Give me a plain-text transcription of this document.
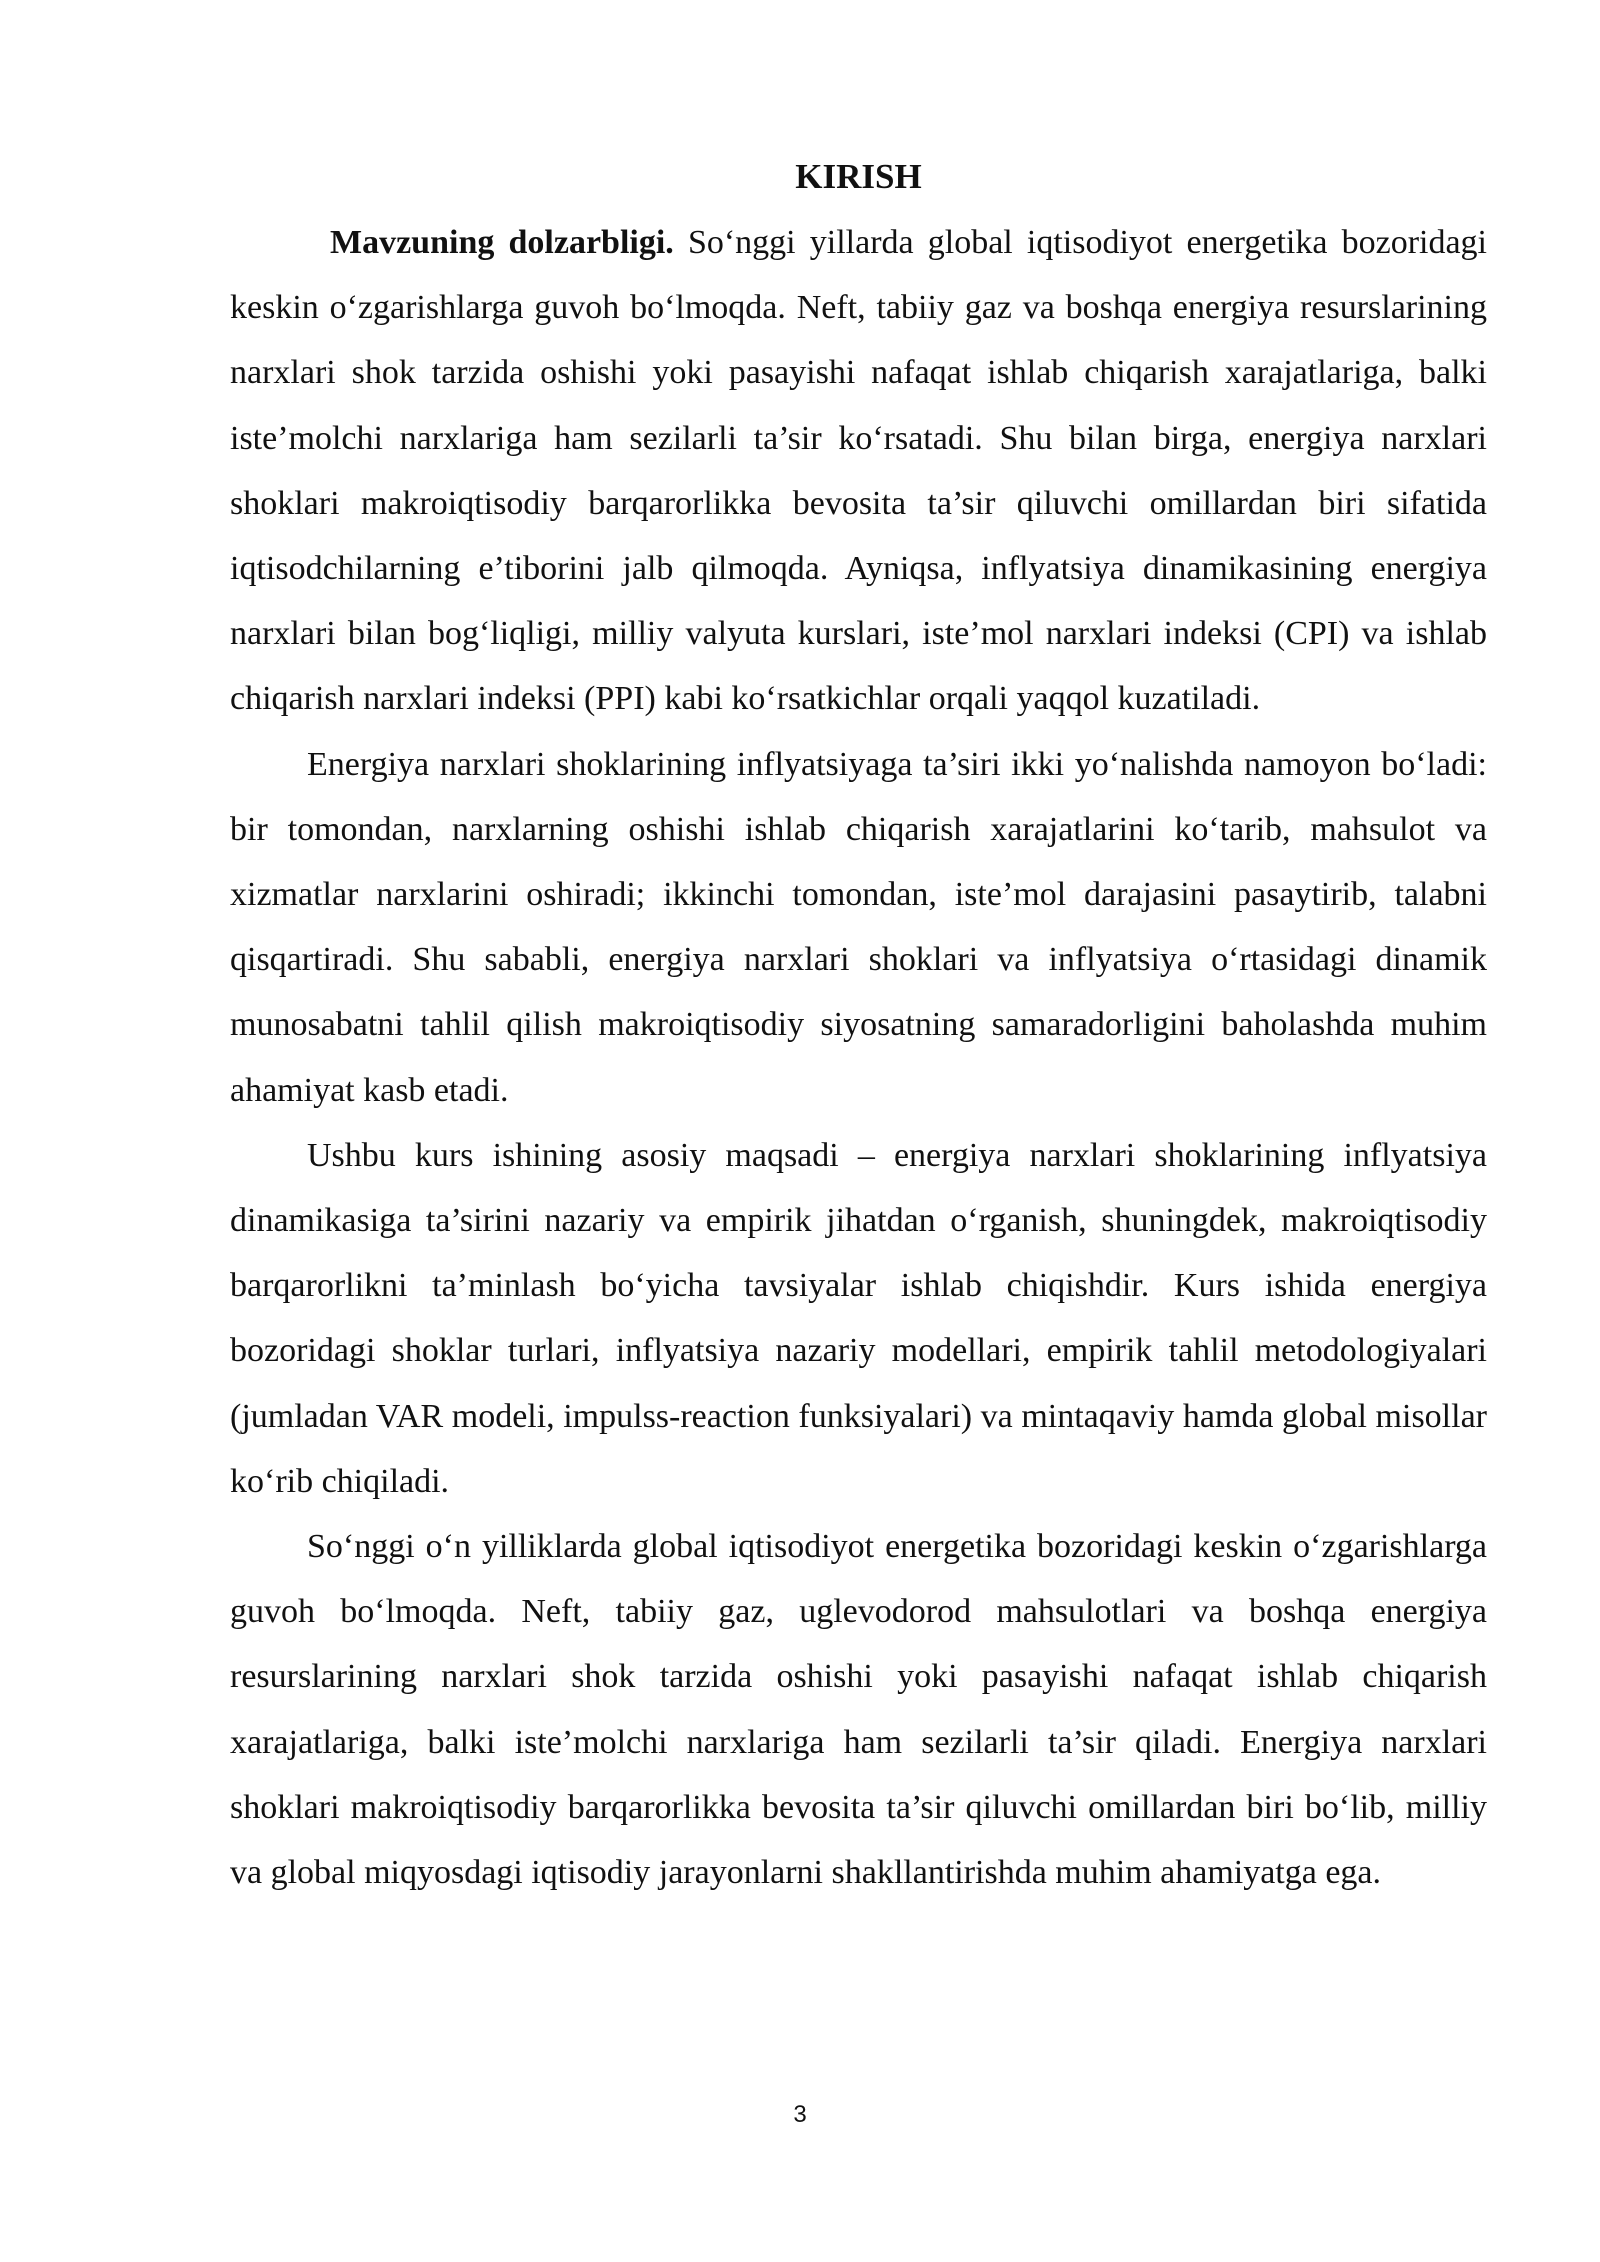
KIRISH

Mavzuning dolzarbligi. So‘nggi yillarda global iqtisodiyot energetika bozoridagi keskin o‘zgarishlarga guvoh bo‘lmoqda. Neft, tabiiy gaz va boshqa energiya resurslarining narxlari shok tarzida oshishi yoki pasayishi nafaqat ishlab chiqarish xarajatlariga, balki iste’molchi narxlariga ham sezilarli ta’sir ko‘rsatadi. Shu bilan birga, energiya narxlari shoklari makroiqtisodiy barqarorlikka bevosita ta’sir qiluvchi omillardan biri sifatida iqtisodchilarning e’tiborini jalb qilmoqda. Ayniqsa, inflyatsiya dinamikasining energiya narxlari bilan bog‘liqligi, milliy valyuta kurslari, iste’mol narxlari indeksi (CPI) va ishlab chiqarish narxlari indeksi (PPI) kabi ko‘rsatkichlar orqali yaqqol kuzatiladi.

Energiya narxlari shoklarining inflyatsiyaga ta’siri ikki yo‘nalishda namoyon bo‘ladi: bir tomondan, narxlarning oshishi ishlab chiqarish xarajatlarini ko‘tarib, mahsulot va xizmatlar narxlarini oshiradi; ikkinchi tomondan, iste’mol darajasini pasaytirib, talabni qisqartiradi. Shu sababli, energiya narxlari shoklari va inflyatsiya o‘rtasidagi dinamik munosabatni tahlil qilish makroiqtisodiy siyosatning samaradorligini baholashda muhim ahamiyat kasb etadi.

Ushbu kurs ishining asosiy maqsadi – energiya narxlari shoklarining inflyatsiya dinamikasiga ta’sirini nazariy va empirik jihatdan o‘rganish, shuningdek, makroiqtisodiy barqarorlikni ta’minlash bo‘yicha tavsiyalar ishlab chiqishdir. Kurs ishida energiya bozoridagi shoklar turlari, inflyatsiya nazariy modellari, empirik tahlil metodologiyalari (jumladan VAR modeli, impulss-reaction funksiyalari) va mintaqaviy hamda global misollar ko‘rib chiqiladi.

So‘nggi o‘n yilliklarda global iqtisodiyot energetika bozoridagi keskin o‘zgarishlarga guvoh bo‘lmoqda. Neft, tabiiy gaz, uglevodorod mahsulotlari va boshqa energiya resurslarining narxlari shok tarzida oshishi yoki pasayishi nafaqat ishlab chiqarish xarajatlariga, balki iste’molchi narxlariga ham sezilarli ta’sir qiladi. Energiya narxlari shoklari makroiqtisodiy barqarorlikka bevosita ta’sir qiluvchi omillardan biri bo‘lib, milliy va global miqyosdagi iqtisodiy jarayonlarni shakllantirishda muhim ahamiyatga ega.

3
